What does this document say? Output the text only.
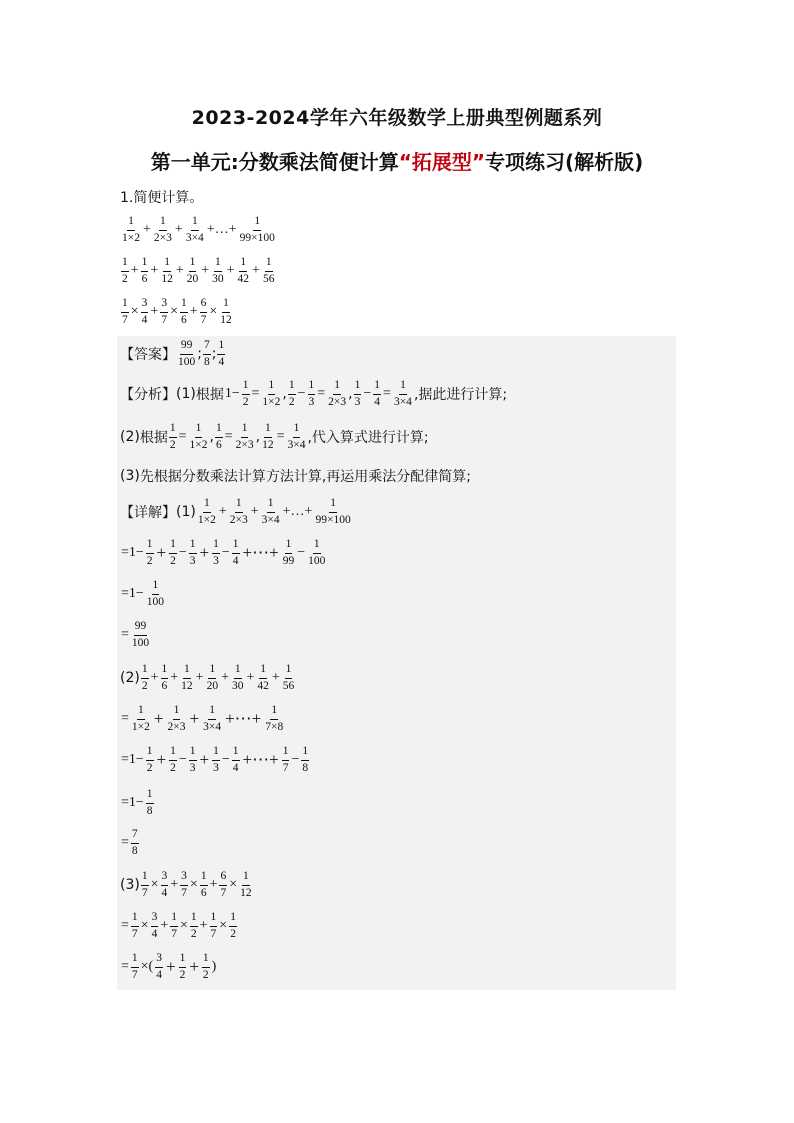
2023-2024学年六年级数学上册典型例题系列
第一单元:分数乘法简便计算“拓展型”专项练习(解析版)
1.简便计算。
$\frac{1}{1\times 2} + \frac{1}{2\times 3} + \frac{1}{3\times 4}$ +…+ $\frac{1}{99\times 100}$
$\frac{1}{2} + \frac{1}{6} + \frac{1}{12} + \frac{1}{20} + \frac{1}{30} + \frac{1}{42} + \frac{1}{56}$
$\frac{1}{7} \times \frac{3}{4} + \frac{3}{7} \times \frac{1}{6} + \frac{6}{7} \times \frac{1}{12}$
【答案】 $\frac{99}{100}$ ; $\frac{7}{8}$ ; $\frac{1}{4}$
【分析】 (1) 根据 $1- \frac{1}{2} = \frac{1}{1\times 2}$ , $\frac{1}{2} - \frac{1}{3} = \frac{1}{2\times 3}$ , $\frac{1}{3} - \frac{1}{4} = \frac{1}{3\times 4}$ ,据此进行计算;
(2) 根据 $\frac{1}{2} = \frac{1}{1\times 2}$ , $\frac{1}{6} = \frac{1}{2\times 3}$ , $\frac{1}{12} = \frac{1}{3\times 4}$ ,代入算式进行计算;
(3) 先根据分数乘法计算方法计算,再运用乘法分配律简算;
【详解】 $(1) \frac{1}{1\times 2} + \frac{1}{2\times 3} + \frac{1}{3\times 4}$ +…+ $\frac{1}{99\times 100}$
$=1- \frac{1}{2} + \frac{1}{2} - \frac{1}{3} + \frac{1}{3} - \frac{1}{4}$ +⋯+ $\frac{1}{99} - \frac{1}{100}$
$=1- \frac{1}{100}$
= $\frac{99}{100}$
$(2) \frac{1}{2} + \frac{1}{6} + \frac{1}{12} + \frac{1}{20} + \frac{1}{30} + \frac{1}{42} + \frac{1}{56}$
= $\frac{1}{1\times 2} + \frac{1}{2\times 3} + \frac{1}{3\times 4}$ +⋯+ $\frac{1}{7\times 8}$
$=1- \frac{1}{2} + \frac{1}{2} - \frac{1}{3} + \frac{1}{3} - \frac{1}{4}$ +⋯+ $\frac{1}{7} - \frac{1}{8}$
$=1- \frac{1}{8}$
= $\frac{7}{8}$
$(3) \frac{1}{7} \times \frac{3}{4} + \frac{3}{7} \times \frac{1}{6} + \frac{6}{7} \times \frac{1}{12}$
= $\frac{1}{7} \times \frac{3}{4} + \frac{1}{7} \times \frac{1}{2} + \frac{1}{7} \times \frac{1}{2}$
= $\frac{1}{7}$ ×( $\frac{3}{4} + \frac{1}{2} + \frac{1}{2}$ )
